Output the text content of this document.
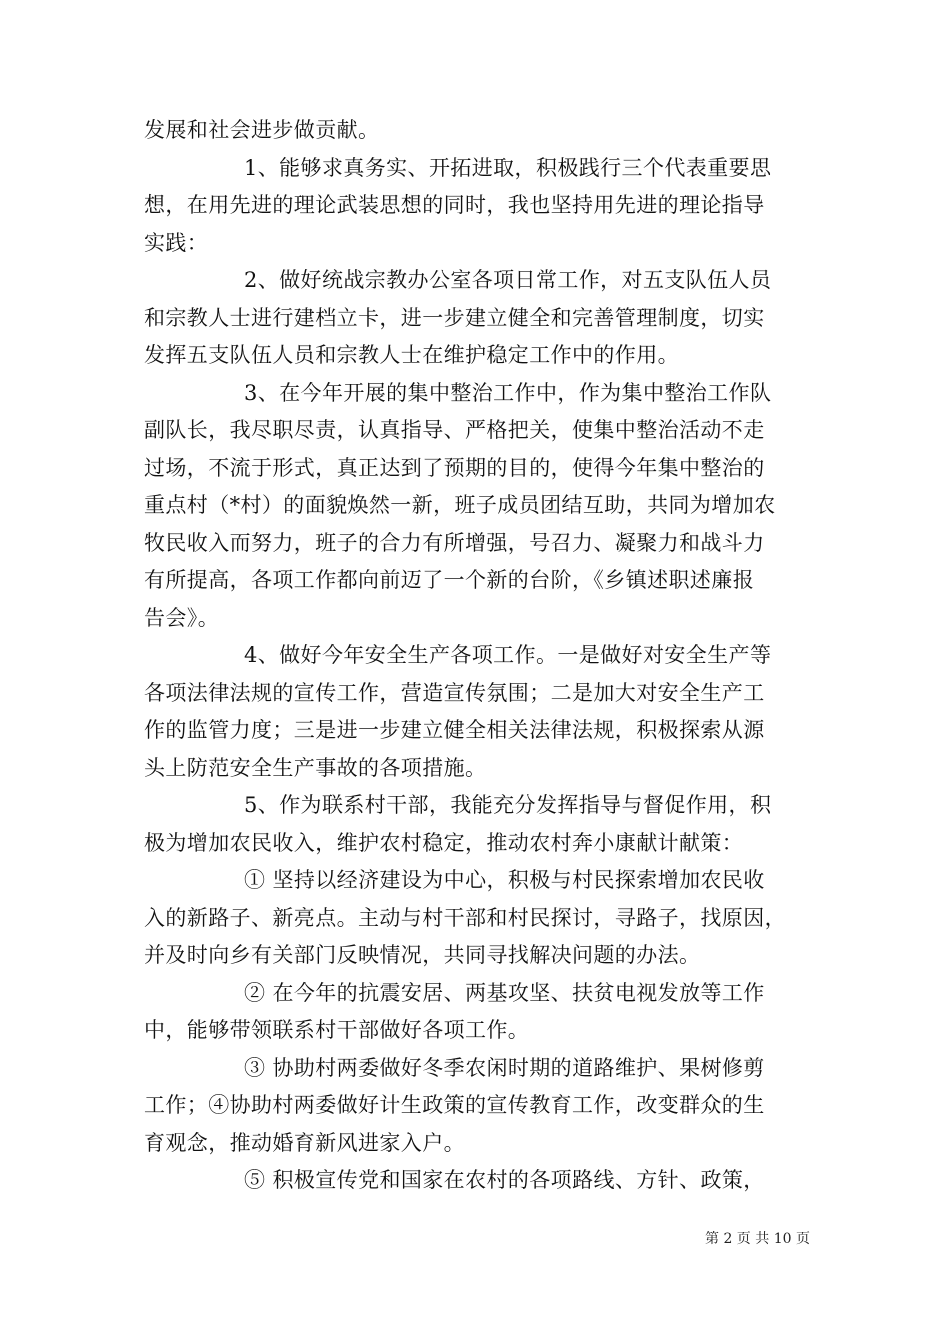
发展和社会进步做贡献。
1、能够求真务实、开拓进取，积极践行三个代表重要思
想，在用先进的理论武装思想的同时，我也坚持用先进的理论指导
实践：
2、做好统战宗教办公室各项日常工作，对五支队伍人员
和宗教人士进行建档立卡，进一步建立健全和完善管理制度，切实
发挥五支队伍人员和宗教人士在维护稳定工作中的作用。
3、在今年开展的集中整治工作中，作为集中整治工作队
副队长，我尽职尽责，认真指导、严格把关，使集中整治活动不走
过场，不流于形式，真正达到了预期的目的，使得今年集中整治的
重点村（*村）的面貌焕然一新，班子成员团结互助，共同为增加农
牧民收入而努力，班子的合力有所增强，号召力、凝聚力和战斗力
有所提高，各项工作都向前迈了一个新的台阶，《乡镇述职述廉报
告会》。
4、做好今年安全生产各项工作。一是做好对安全生产等
各项法律法规的宣传工作，营造宣传氛围；二是加大对安全生产工
作的监管力度；三是进一步建立健全相关法律法规，积极探索从源
头上防范安全生产事故的各项措施。
5、作为联系村干部，我能充分发挥指导与督促作用，积
极为增加农民收入，维护农村稳定，推动农村奔小康献计献策：
① 坚持以经济建设为中心，积极与村民探索增加农民收
入的新路子、新亮点。主动与村干部和村民探讨，寻路子，找原因，
并及时向乡有关部门反映情况，共同寻找解决问题的办法。
② 在今年的抗震安居、两基攻坚、扶贫电视发放等工作
中，能够带领联系村干部做好各项工作。
③ 协助村两委做好冬季农闲时期的道路维护、果树修剪
工作；④协助村两委做好计生政策的宣传教育工作，改变群众的生
育观念，推动婚育新风进家入户。
⑤ 积极宣传党和国家在农村的各项路线、方针、政策，
第 2 页 共 10 页
